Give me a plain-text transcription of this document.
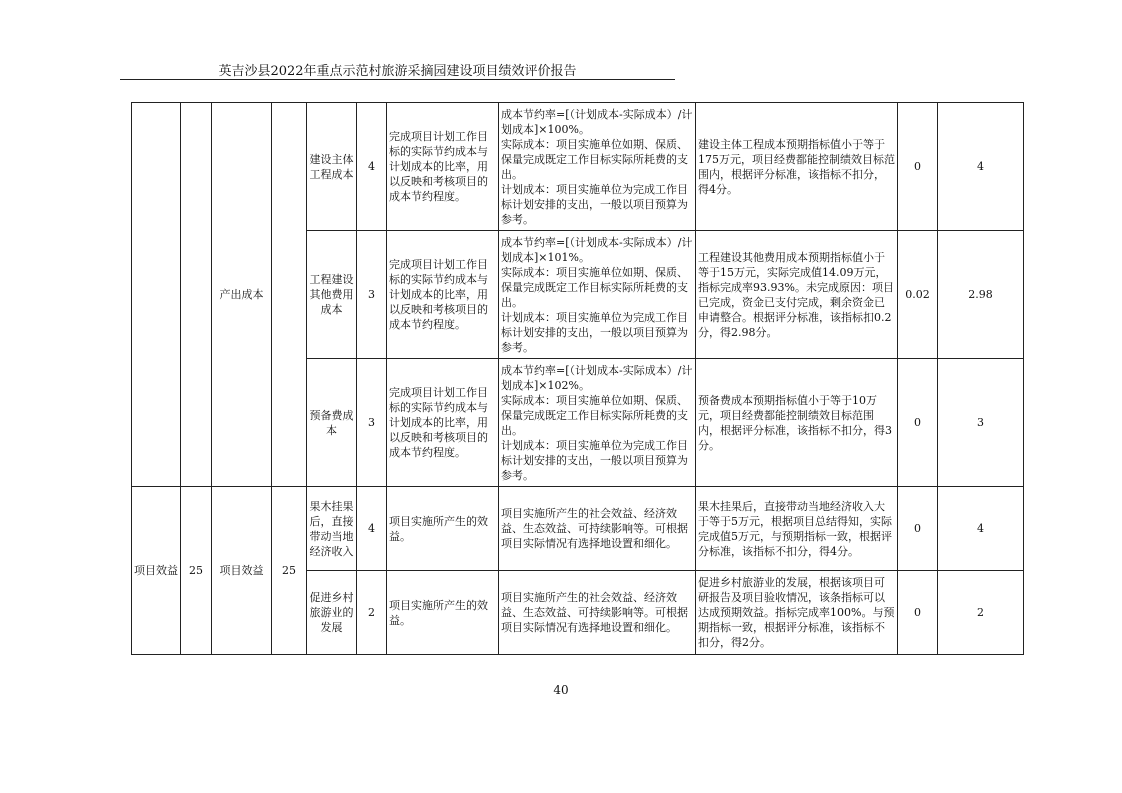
英吉沙县2022年重点示范村旅游采摘园建设项目绩效评价报告
		产出成本		建设主体工程成本	4	完成项目计划工作目标的实际节约成本与计划成本的比率，用以反映和考核项目的成本节约程度。	成本节约率=[（计划成本-实际成本）/计划成本]×100%。
实际成本：项目实施单位如期、保质、保量完成既定工作目标实际所耗费的支出。
计划成本：项目实施单位为完成工作目标计划安排的支出，一般以项目预算为参考。	建设主体工程成本预期指标值小于等于175万元，项目经费都能控制绩效目标范围内，根据评分标准，该指标不扣分，得4分。	0	4
				工程建设其他费用成本	3	完成项目计划工作目标的实际节约成本与计划成本的比率，用以反映和考核项目的成本节约程度。	成本节约率=[（计划成本-实际成本）/计划成本]×101%。
实际成本：项目实施单位如期、保质、保量完成既定工作目标实际所耗费的支出。
计划成本：项目实施单位为完成工作目标计划安排的支出，一般以项目预算为参考。	工程建设其他费用成本预期指标值小于等于15万元，实际完成值14.09万元，指标完成率93.93%。未完成原因：项目已完成，资金已支付完成，剩余资金已申请整合。根据评分标准，该指标扣0.2分，得2.98分。	0.02	2.98
				预备费成本	3	完成项目计划工作目标的实际节约成本与计划成本的比率，用以反映和考核项目的成本节约程度。	成本节约率=[（计划成本-实际成本）/计划成本]×102%。
实际成本：项目实施单位如期、保质、保量完成既定工作目标实际所耗费的支出。
计划成本：项目实施单位为完成工作目标计划安排的支出，一般以项目预算为参考。	预备费成本预期指标值小于等于10万元，项目经费都能控制绩效目标范围内，根据评分标准，该指标不扣分，得3分。	0	3
项目效益	25	项目效益	25	果木挂果后，直接带动当地经济收入	4	项目实施所产生的效益。	项目实施所产生的社会效益、经济效益、生态效益、可持续影响等。可根据项目实际情况有选择地设置和细化。	果木挂果后，直接带动当地经济收入大于等于5万元，根据项目总结得知，实际完成值5万元，与预期指标一致，根据评分标准，该指标不扣分，得4分。	0	4
				促进乡村旅游业的发展	2	项目实施所产生的效益。	项目实施所产生的社会效益、经济效益、生态效益、可持续影响等。可根据项目实际情况有选择地设置和细化。	促进乡村旅游业的发展，根据该项目可研报告及项目验收情况，该条指标可以达成预期效益。指标完成率100%。与预期指标一致，根据评分标准，该指标不扣分，得2分。	0	2
40
